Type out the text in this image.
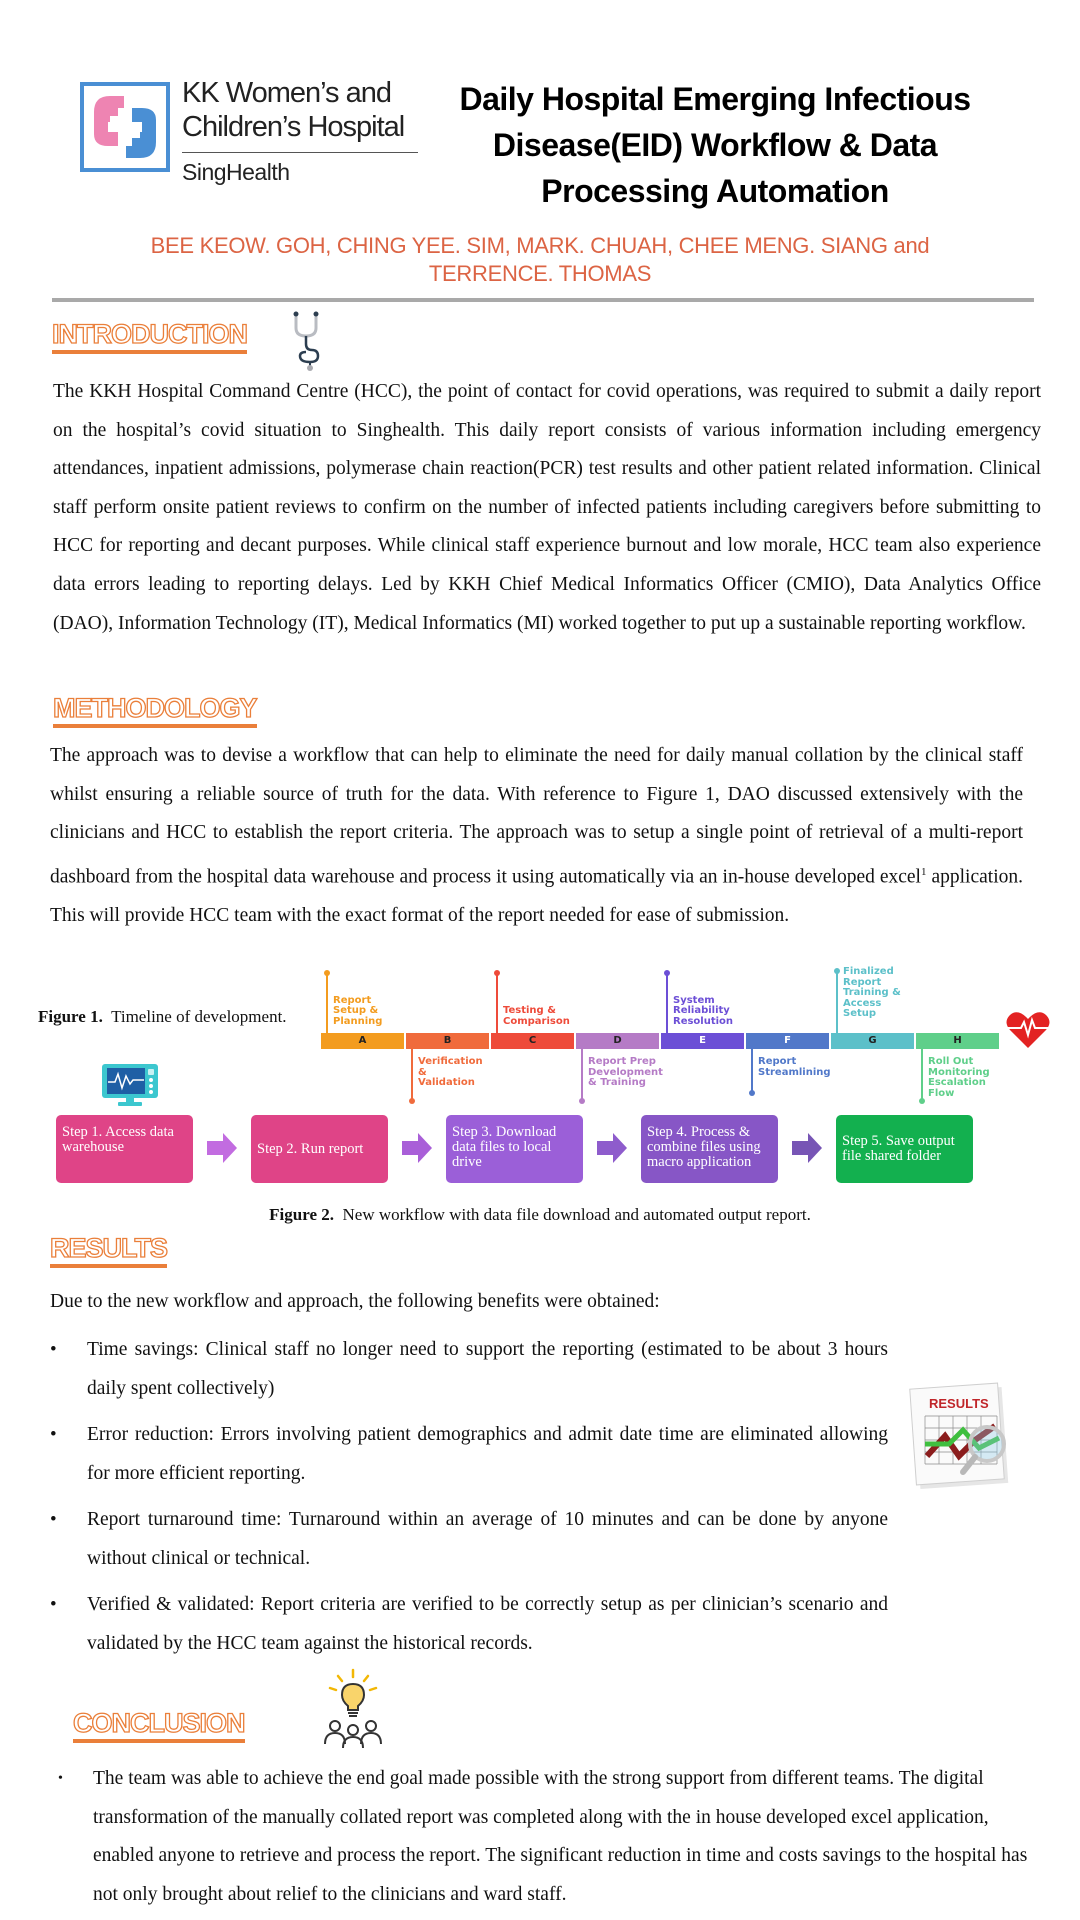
KK Women’s and
Children’s Hospital
SingHealth
Daily Hospital Emerging Infectious
Disease(EID) Workflow & Data
Processing Automation
BEE KEOW. GOH, CHING YEE. SIM, MARK. CHUAH, CHEE MENG. SIANG and
TERRENCE. THOMAS
INTRODUCTION

The KKH Hospital Command Centre (HCC), the point of contact for covid operations, was required to submit a daily report on the hospital’s covid situation to Singhealth. This daily report consists of various information including emergency attendances, inpatient admissions, polymerase chain reaction(PCR) test results and other patient related information. Clinical staff perform onsite patient reviews to confirm on the number of infected patients including caregivers before submitting to HCC for reporting and decant purposes. While clinical staff experience burnout and low morale, HCC team also experience data errors leading to reporting delays. Led by KKH Chief Medical Informatics Officer (CMIO), Data Analytics Office (DAO), Information Technology (IT), Medical Informatics (MI) worked together to put up a sustainable reporting workflow.

METHODOLOGY

The approach was to devise a workflow that can help to eliminate the need for daily manual collation by the clinical staff whilst ensuring a reliable source of truth for the data. With reference to Figure 1, DAO discussed extensively with the clinicians and HCC to establish the report criteria. The approach was to setup a single point of retrieval of a multi-report dashboard from the hospital data warehouse and process it using automatically via an in-house developed excel$^1$ application. This will provide HCC team with the exact format of the report needed for ease of submission.

Figure 1. Timeline of development.
A
Report
Setup &
Planning
B
Verification
&
Validation
C
Testing &
Comparison
D
Report Prep
Development
& Training
E
System
Reliability
Resolution
F
Report
Streamlining
G
Finalized
Report
Training &
Access
Setup
H
Roll Out
Monitoring
Escalation
Flow
Step 1. Access data warehouse	Step 2. Run report
Step 3. Download data files to local drive
Step 4. Process & combine files using macro application
Step 5. Save output file shared folder
Figure 2. New workflow with data file download and automated output report.
RESULTS

Due to the new workflow and approach, the following benefits were obtained:

• Time savings: Clinical staff no longer need to support the reporting (estimated to be about 3 hours daily spent collectively)
• Error reduction: Errors involving patient demographics and admit date time are eliminated allowing for more efficient reporting.
• Report turnaround time: Turnaround within an average of 10 minutes and can be done by anyone without clinical or technical.
• Verified & validated: Report criteria are verified to be correctly setup as per clinician’s scenario and validated by the HCC team against the historical records.
RESULTS
CONCLUSION
• The team was able to achieve the end goal made possible with the strong support from different teams. The digital transformation of the manually collated report was completed along with the in house developed excel application, enabled anyone to retrieve and process the report. The significant reduction in time and costs savings to the hospital has not only brought about relief to the clinicians and ward staff.
